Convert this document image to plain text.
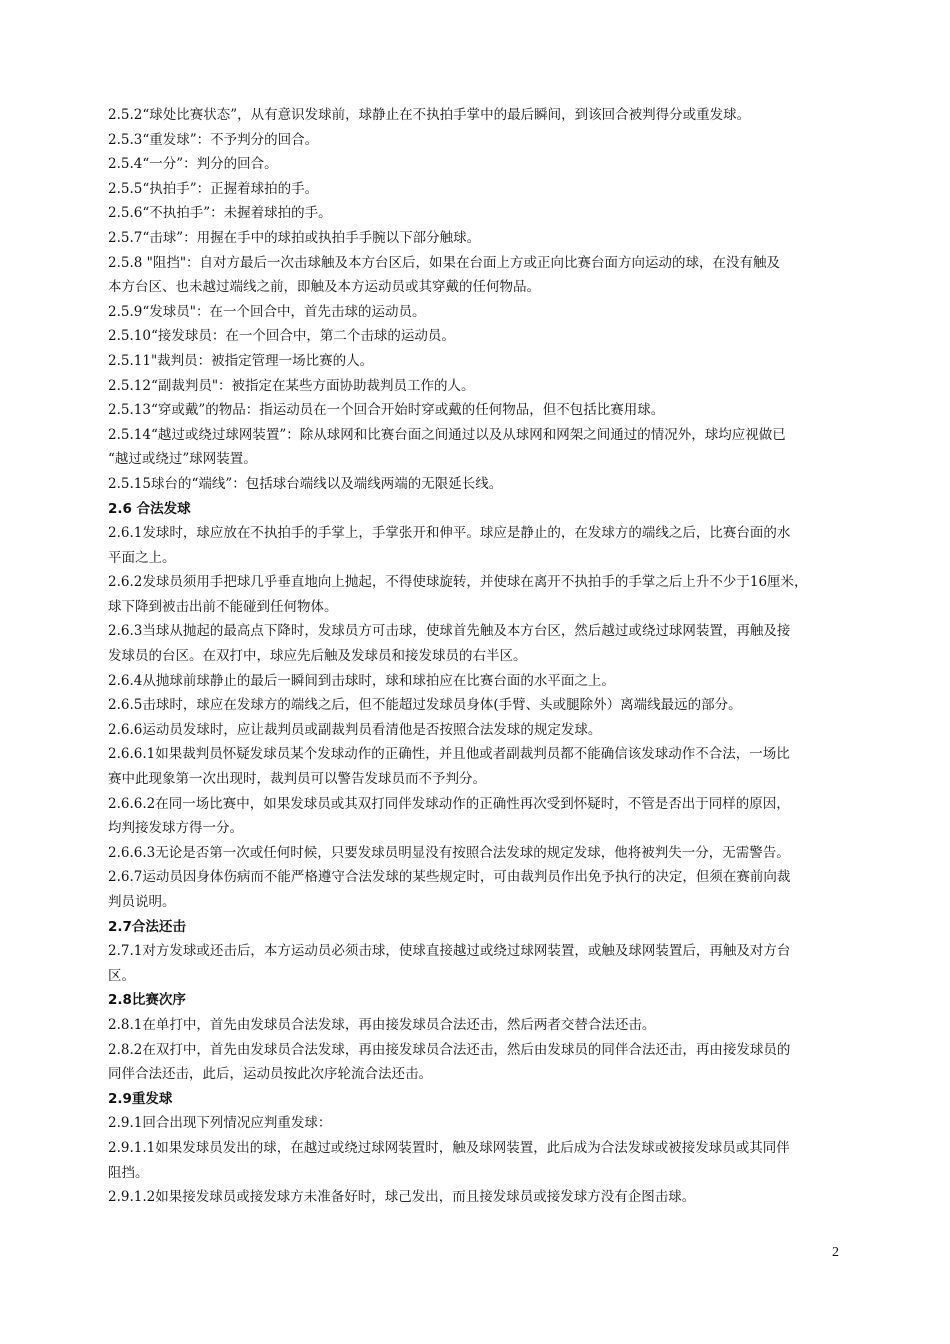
2.5.2“球处比赛状态”，从有意识发球前，球静止在不执拍手掌中的最后瞬间，到该回合被判得分或重发球。
2.5.3“重发球”：不予判分的回合。
2.5.4“一分”：判分的回合。
2.5.5“执拍手”：正握着球拍的手。
2.5.6“不执拍手”：未握着球拍的手。
2.5.7“击球”：用握在手中的球拍或执拍手手腕以下部分触球。
2.5.8 "阻挡"：自对方最后一次击球触及本方台区后，如果在台面上方或正向比赛台面方向运动的球，在没有触及
本方台区、也未越过端线之前，即触及本方运动员或其穿戴的任何物品。
2.5.9“发球员"：在一个回合中，首先击球的运动员。
2.5.10“接发球员：在一个回合中，第二个击球的运动员。
2.5.11"裁判员：被指定管理一场比赛的人。
2.5.12“副裁判员"：被指定在某些方面协助裁判员工作的人。
2.5.13“穿或戴”的物品：指运动员在一个回合开始时穿或戴的任何物品，但不包括比赛用球。
2.5.14“越过或绕过球网装置”：除从球网和比赛台面之间通过以及从球网和网架之间通过的情况外，球均应视做已
“越过或绕过”球网装置。
2.5.15球台的“端线”：包括球台端线以及端线两端的无限延长线。
2.6 合法发球
2.6.1发球时，球应放在不执拍手的手掌上，手掌张开和伸平。球应是静止的，在发球方的端线之后，比赛台面的水
平面之上。
2.6.2发球员须用手把球几乎垂直地向上抛起，不得使球旋转，并使球在离开不执拍手的手掌之后上升不少于16厘米，
球下降到被击出前不能碰到任何物体。
2.6.3当球从抛起的最高点下降时，发球员方可击球，使球首先触及本方台区，然后越过或绕过球网装置，再触及接
发球员的台区。在双打中，球应先后触及发球员和接发球员的右半区。
2.6.4从抛球前球静止的最后一瞬间到击球时，球和球拍应在比赛台面的水平面之上。
2.6.5击球时，球应在发球方的端线之后，但不能超过发球员身体(手臂、头或腿除外）离端线最远的部分。
2.6.6运动员发球时，应让裁判员或副裁判员看清他是否按照合法发球的规定发球。
2.6.6.1如果裁判员怀疑发球员某个发球动作的正确性，并且他或者副裁判员都不能确信该发球动作不合法，一场比
赛中此现象第一次出现时，裁判员可以警告发球员而不予判分。
2.6.6.2在同一场比赛中，如果发球员或其双打同伴发球动作的正确性再次受到怀疑时，不管是否出于同样的原因，
均判接发球方得一分。
2.6.6.3无论是否第一次或任何时候，只要发球员明显没有按照合法发球的规定发球，他将被判失一分，无需警告。
2.6.7运动员因身体伤病而不能严格遵守合法发球的某些规定时，可由裁判员作出免予执行的决定，但须在赛前向裁
判员说明。
2.7合法还击
2.7.1对方发球或还击后，本方运动员必须击球，使球直接越过或绕过球网装置，或触及球网装置后，再触及对方台
区。
2.8比赛次序
2.8.1在单打中，首先由发球员合法发球，再由接发球员合法还击，然后两者交替合法还击。
2.8.2在双打中，首先由发球员合法发球，再由接发球员合法还击，然后由发球员的同伴合法还击，再由接发球员的
同伴合法还击，此后，运动员按此次序轮流合法还击。
2.9重发球
2.9.1回合出现下列情况应判重发球：
2.9.1.1如果发球员发出的球，在越过或绕过球网装置时，触及球网装置，此后成为合法发球或被接发球员或其同伴
阻挡。
2.9.1.2如果接发球员或接发球方未准备好时，球己发出，而且接发球员或接发球方没有企图击球。
2
